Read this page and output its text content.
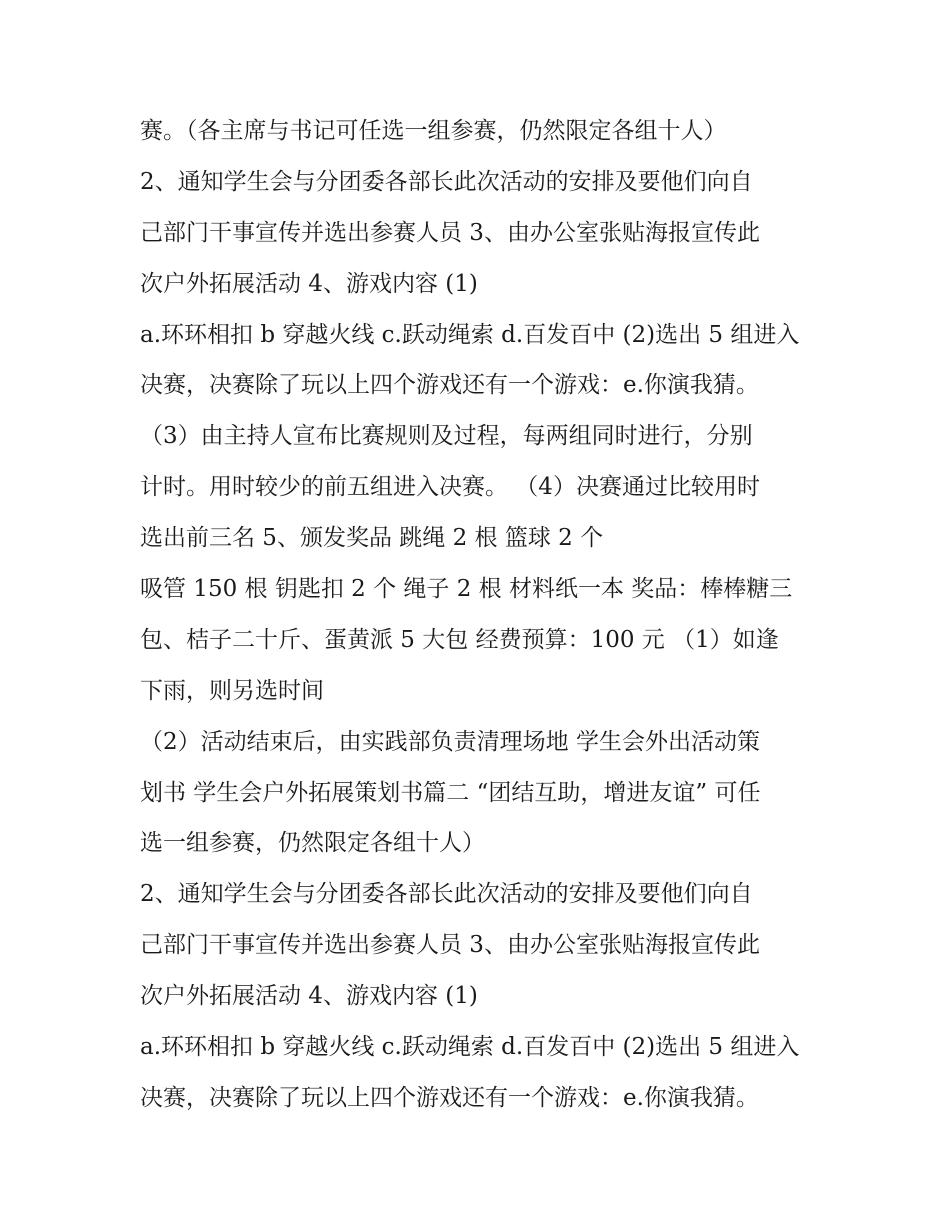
赛。（各主席与书记可任选一组参赛，仍然限定各组十人）
2、通知学生会与分团委各部长此次活动的安排及要他们向自
己部门干事宣传并选出参赛人员 3、由办公室张贴海报宣传此
次户外拓展活动 4、游戏内容 (1)
a.环环相扣 b 穿越火线 c.跃动绳索 d.百发百中 (2)选出 5 组进入
决赛，决赛除了玩以上四个游戏还有一个游戏：e.你演我猜。
（3）由主持人宣布比赛规则及过程，每两组同时进行，分别
计时。用时较少的前五组进入决赛。 （4）决赛通过比较用时
选出前三名 5、颁发奖品 跳绳 2 根 篮球 2 个
吸管 150 根 钥匙扣 2 个 绳子 2 根 材料纸一本 奖品：棒棒糖三
包、桔子二十斤、蛋黄派 5 大包 经费预算：100 元 （1）如逢
下雨，则另选时间
（2）活动结束后，由实践部负责清理场地 学生会外出活动策
划书 学生会户外拓展策划书篇二 “团结互助，增进友谊” 可任
选一组参赛，仍然限定各组十人）
2、通知学生会与分团委各部长此次活动的安排及要他们向自
己部门干事宣传并选出参赛人员 3、由办公室张贴海报宣传此
次户外拓展活动 4、游戏内容 (1)
a.环环相扣 b 穿越火线 c.跃动绳索 d.百发百中 (2)选出 5 组进入
决赛，决赛除了玩以上四个游戏还有一个游戏：e.你演我猜。
